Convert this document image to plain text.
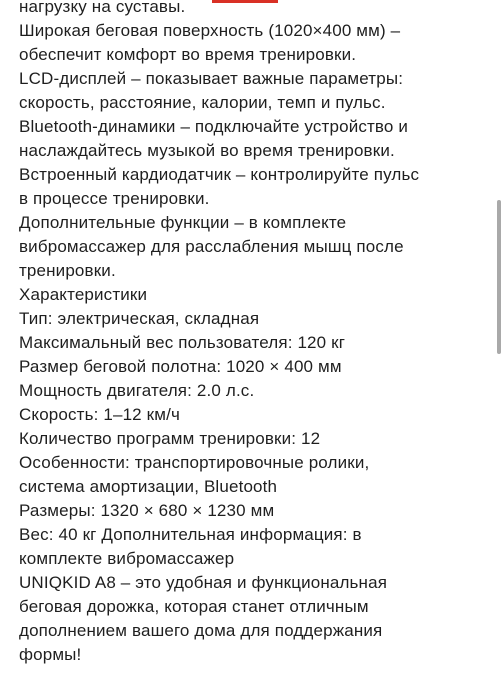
нагрузку на суставы.
Широкая беговая поверхность (1020×400 мм) –
обеспечит комфорт во время тренировки.
LCD-дисплей – показывает важные параметры:
скорость, расстояние, калории, темп и пульс.
Bluetooth-динамики – подключайте устройство и
наслаждайтесь музыкой во время тренировки.
Встроенный кардиодатчик – контролируйте пульс
в процессе тренировки.
Дополнительные функции – в комплекте
вибромассажер для расслабления мышц после
тренировки.
Характеристики
Тип: электрическая, складная
Максимальный вес пользователя: 120 кг
Размер беговой полотна: 1020 × 400 мм
Мощность двигателя: 2.0 л.с.
Скорость: 1–12 км/ч
Количество программ тренировки: 12
Особенности: транспортировочные ролики,
система амортизации, Bluetooth
Размеры: 1320 × 680 × 1230 мм
Вес: 40 кг Дополнительная информация: в
комплекте вибромассажер
UNIQKID A8 – это удобная и функциональная
беговая дорожка, которая станет отличным
дополнением вашего дома для поддержания
формы!
